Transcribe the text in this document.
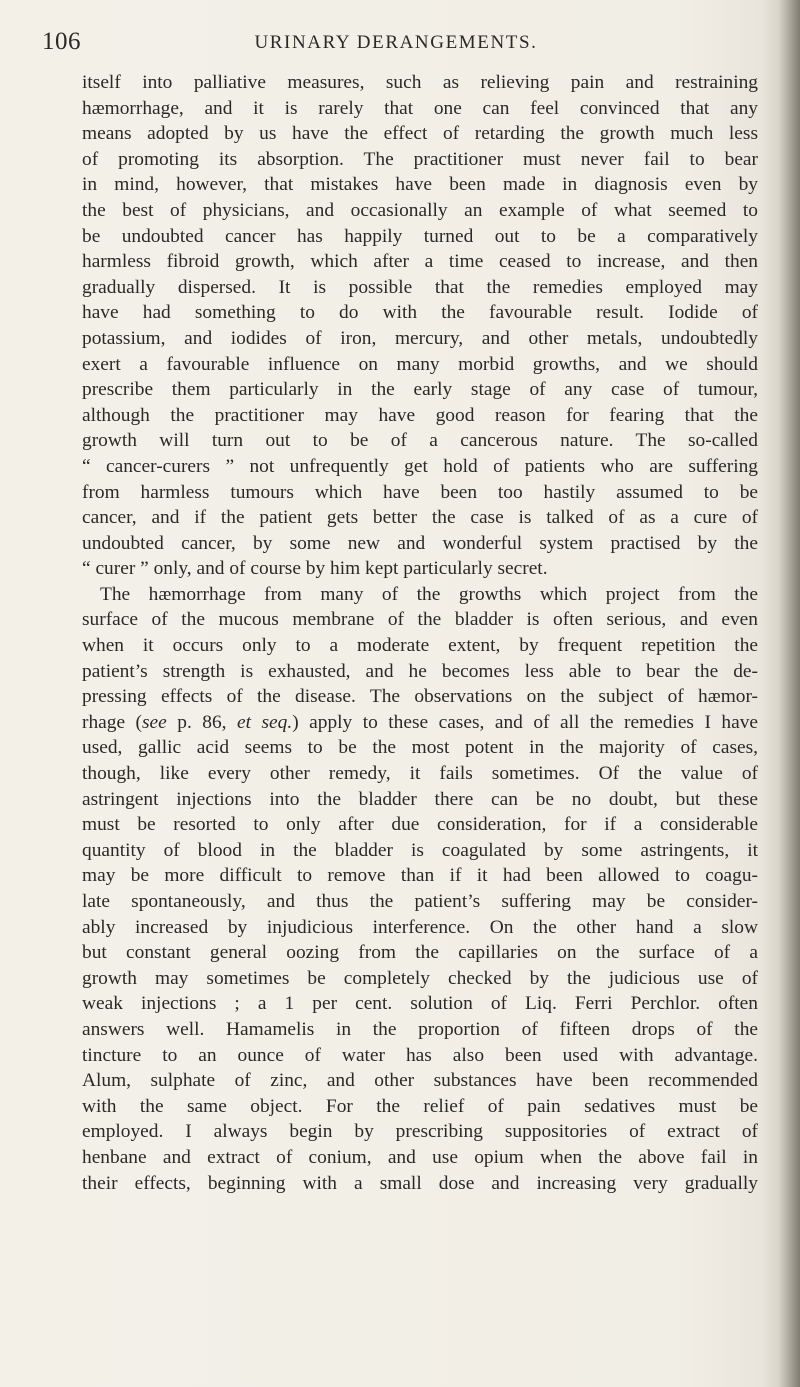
106	URINARY DERANGEMENTS.
itself into palliative measures, such as relieving pain and restraining
hæmorrhage, and it is rarely that one can feel convinced that any
means adopted by us have the effect of retarding the growth much less
of promoting its absorption. The practitioner must never fail to bear
in mind, however, that mistakes have been made in diagnosis even by
the best of physicians, and occasionally an example of what seemed to
be undoubted cancer has happily turned out to be a comparatively
harmless fibroid growth, which after a time ceased to increase, and then
gradually dispersed. It is possible that the remedies employed may
have had something to do with the favourable result. Iodide of
potassium, and iodides of iron, mercury, and other metals, undoubtedly
exert a favourable influence on many morbid growths, and we should
prescribe them particularly in the early stage of any case of tumour,
although the practitioner may have good reason for fearing that the
growth will turn out to be of a cancerous nature. The so-called
“ cancer-curers ” not unfrequently get hold of patients who are suffering
from harmless tumours which have been too hastily assumed to be
cancer, and if the patient gets better the case is talked of as a cure of
undoubted cancer, by some new and wonderful system practised by the
“ curer ” only, and of course by him kept particularly secret.
The hæmorrhage from many of the growths which project from the
surface of the mucous membrane of the bladder is often serious, and even
when it occurs only to a moderate extent, by frequent repetition the
patient’s strength is exhausted, and he becomes less able to bear the de-
pressing effects of the disease. The observations on the subject of hæmor-
rhage (see p. 86, et seq.) apply to these cases, and of all the remedies I have
used, gallic acid seems to be the most potent in the majority of cases,
though, like every other remedy, it fails sometimes. Of the value of
astringent injections into the bladder there can be no doubt, but these
must be resorted to only after due consideration, for if a considerable
quantity of blood in the bladder is coagulated by some astringents, it
may be more difficult to remove than if it had been allowed to coagu-
late spontaneously, and thus the patient’s suffering may be consider-
ably increased by injudicious interference. On the other hand a slow
but constant general oozing from the capillaries on the surface of a
growth may sometimes be completely checked by the judicious use of
weak injections ; a 1 per cent. solution of Liq. Ferri Perchlor. often
answers well. Hamamelis in the proportion of fifteen drops of the
tincture to an ounce of water has also been used with advantage.
Alum, sulphate of zinc, and other substances have been recommended
with the same object. For the relief of pain sedatives must be
employed. I always begin by prescribing suppositories of extract of
henbane and extract of conium, and use opium when the above fail in
their effects, beginning with a small dose and increasing very gradually
